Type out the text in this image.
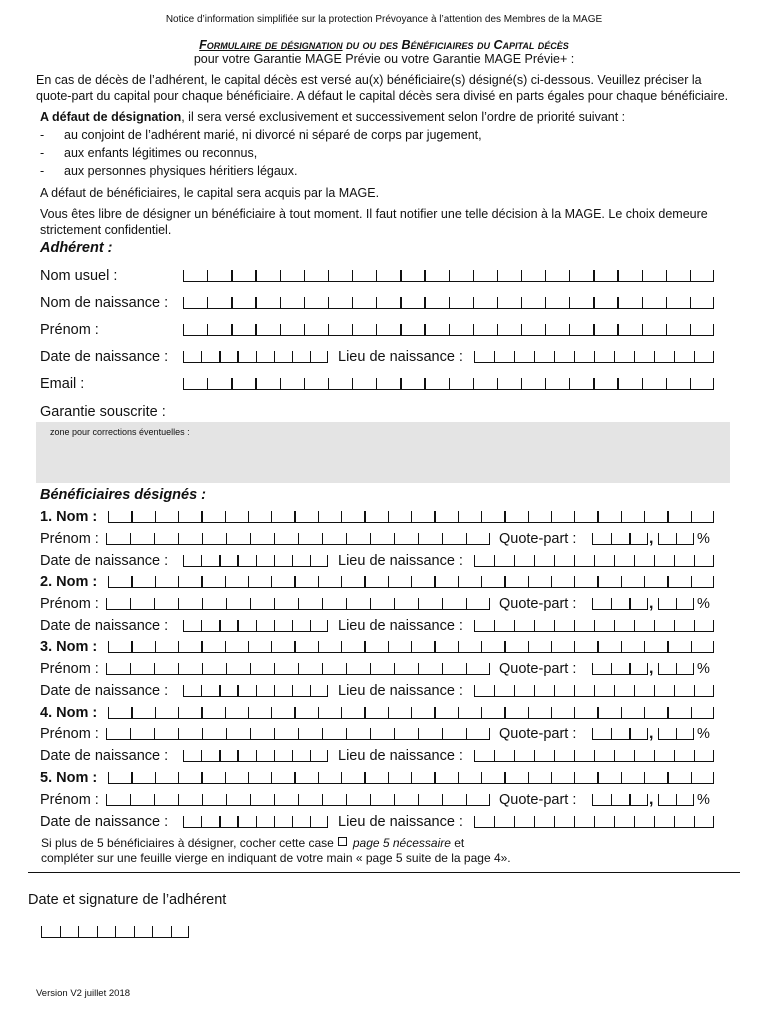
Notice d’information simplifiée sur la protection Prévoyance à l’attention des Membres de la MAGE
Formulaire de désignation du ou des Bénéficiaires du Capital décès
pour votre Garantie MAGE Prévie ou votre Garantie MAGE Prévie+ :
En cas de décès de l’adhérent, le capital décès est versé au(x) bénéficiaire(s) désigné(s) ci-dessous. Veuillez préciser la quote-part du capital pour chaque bénéficiaire. A défaut le capital décès sera divisé en parts égales pour chaque bénéficiaire.
A défaut de désignation, il sera versé exclusivement et successivement selon l’ordre de priorité suivant :
- au conjoint de l’adhérent marié, ni divorcé ni séparé de corps par jugement,
- aux enfants légitimes ou reconnus,
- aux personnes physiques héritiers légaux.
A défaut de bénéficiaires, le capital sera acquis par la MAGE.
Vous êtes libre de désigner un bénéficiaire à tout moment. Il faut notifier une telle décision à la MAGE. Le choix demeure strictement confidentiel.
Adhérent :
Nom usuel :
Nom de naissance :
Prénom :
Date de naissance :	Lieu de naissance :
Email :
Garantie souscrite :
zone pour corrections éventuelles :
Bénéficiaires désignés :
1. Nom :
Prénom :	Quote-part :	,	%
Date de naissance :	Lieu de naissance :
2. Nom :
Prénom :	Quote-part :	,	%
Date de naissance :	Lieu de naissance :
3. Nom :
Prénom :	Quote-part :	,	%
Date de naissance :	Lieu de naissance :
4. Nom :
Prénom :	Quote-part :	,	%
Date de naissance :	Lieu de naissance :
5. Nom :
Prénom :	Quote-part :	,	%
Date de naissance :	Lieu de naissance :
Si plus de 5 bénéficiaires à désigner, cocher cette case page 5 nécessaire et
compléter sur une feuille vierge en indiquant de votre main « page 5 suite de la page 4».
Date et signature de l’adhérent
Version V2 juillet 2018
